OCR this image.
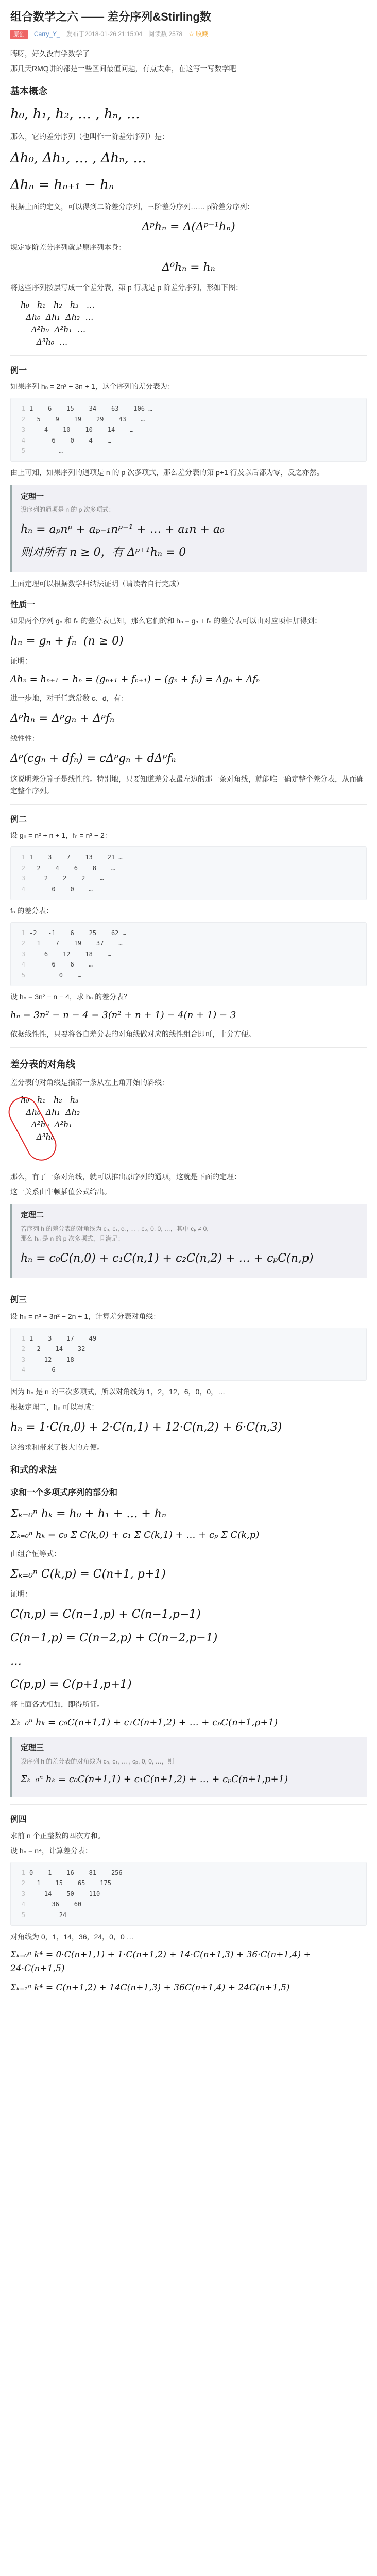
组合数学之六 —— 差分序列&Stirling数
原创	Carry_Y_ 发布于2018-01-26 21:15:04 阅读数 2578 ☆ 收藏

嗨呀，好久没有学数学了

那几天RMQ讲的都是一些区间最值问题，有点太难，在这写一写数学吧

基本概念
h₀, h₁, h₂, … , hₙ, …

那么，它的差分序列（也叫作一阶差分序列）是：

Δh₀, Δh₁, … , Δhₙ, …
Δhₙ = hₙ₊₁ − hₙ

根据上面的定义，可以得到二阶差分序列，三阶差分序列…… p阶差分序列：

Δᵖhₙ = Δ(Δᵖ⁻¹hₙ)

规定零阶差分序列就是原序列本身：

Δ⁰hₙ = hₙ

将这些序列按层写成一个差分表，第 p 行就是 p 阶差分序列，形如下图：

h₀   h₁   h₂   h₃   …
Δh₀  Δh₁  Δh₂  …
Δ²h₀  Δ²h₁  …
Δ³h₀  …
例一

如果序列 hₙ = 2n³ + 3n + 1，这个序列的差分表为：

1
2
3
4
5
1    6    15    34    63    106 …
5    9    19    29    43    …
4    10    10    14    …
6    0    4    …
…

由上可知，如果序列的通项是 n 的 p 次多项式，那么差分表的第 p+1 行及以后都为零，反之亦然。

定理一
设序列的通项是 n 的 p 次多项式：
hₙ = aₚnᵖ + aₚ₋₁nᵖ⁻¹ + … + a₁n + a₀
则对所有 n ≥ 0，有 Δᵖ⁺¹hₙ = 0

上面定理可以根据数学归纳法证明（请读者自行完成）

性质一

如果两个序列 gₙ 和 fₙ 的差分表已知，那么它们的和 hₙ = gₙ + fₙ 的差分表可以由对应项相加得到：

hₙ = gₙ + fₙ  (n ≥ 0)

证明：

Δhₙ = hₙ₊₁ − hₙ = (gₙ₊₁ + fₙ₊₁) − (gₙ + fₙ) = Δgₙ + Δfₙ

进一步地，对于任意常数 c、d，有：

Δᵖhₙ = Δᵖgₙ + Δᵖfₙ

线性性：

Δᵖ(cgₙ + dfₙ) = cΔᵖgₙ + dΔᵖfₙ

这说明差分算子是线性的。特别地，只要知道差分表最左边的那一条对角线，就能唯一确定整个差分表，从而确定整个序列。

例二

设 gₙ = n² + n + 1，fₙ = n³ − 2：

1
2
3
4
1    3    7    13    21 …
2    4    6    8    …
2    2    2    …
0    0    …

fₙ 的差分表：

1
2
3
4
5
-2   -1    6    25    62 …
1    7    19    37    …
6    12    18    …
6    6    …
0    …

设 hₙ = 3n² − n − 4，求 hₙ 的差分表？

hₙ = 3n² − n − 4 = 3(n² + n + 1) − 4(n + 1) − 3

依据线性性，只要将各自差分表的对角线做对应的线性组合即可，十分方便。

差分表的对角线

差分表的对角线是指第一条从左上角开始的斜线：

h₀   h₁   h₂   h₃
Δh₀  Δh₁  Δh₂
Δ²h₀  Δ²h₁
Δ³h₀

那么，有了一条对角线，就可以推出原序列的通项，这就是下面的定理：

这一关系由牛顿插值公式给出。

定理二
若序列 h 的差分表的对角线为 c₀, c₁, c₂, … , cₚ, 0, 0, …，其中 cₚ ≠ 0，
那么 hₙ 是 n 的 p 次多项式，且满足：
hₙ = c₀C(n,0) + c₁C(n,1) + c₂C(n,2) + … + cₚC(n,p)
例三

设 hₙ = n³ + 3n² − 2n + 1，计算差分表对角线：

1
2
3
4
1    3    17    49
2    14    32
12    18
6

因为 hₙ 是 n 的三次多项式，所以对角线为 1，2，12，6，0，0，…

根据定理二，hₙ 可以写成：

hₙ = 1·C(n,0) + 2·C(n,1) + 12·C(n,2) + 6·C(n,3)

这给求和带来了极大的方便。

和式的求法
求和一个多项式序列的部分和
Σₖ₌₀ⁿ hₖ = h₀ + h₁ + … + hₙ
Σₖ₌₀ⁿ hₖ = c₀ Σ C(k,0) + c₁ Σ C(k,1) + … + cₚ Σ C(k,p)

由组合恒等式：

Σₖ₌₀ⁿ C(k,p) = C(n+1, p+1)

证明：

C(n,p) = C(n−1,p) + C(n−1,p−1)
C(n−1,p) = C(n−2,p) + C(n−2,p−1)
…
C(p,p) = C(p+1,p+1)

将上面各式相加，即得所证。

Σₖ₌₀ⁿ hₖ = c₀C(n+1,1) + c₁C(n+1,2) + … + cₚC(n+1,p+1)
定理三
设序列 h 的差分表的对角线为 c₀, c₁, … , cₚ, 0, 0, …，则
Σₖ₌₀ⁿ hₖ = c₀C(n+1,1) + c₁C(n+1,2) + … + cₚC(n+1,p+1)
例四

求前 n 个正整数的四次方和。

设 hₙ = n⁴，计算差分表：

1
2
3
4
5
0    1    16    81    256
1    15    65    175
14    50    110
36    60
24

对角线为 0，1，14，36，24，0，0 …

Σₖ₌₀ⁿ k⁴ = 0·C(n+1,1) + 1·C(n+1,2) + 14·C(n+1,3) + 36·C(n+1,4) + 24·C(n+1,5)
Σₖ₌₁ⁿ k⁴ = C(n+1,2) + 14C(n+1,3) + 36C(n+1,4) + 24C(n+1,5)
